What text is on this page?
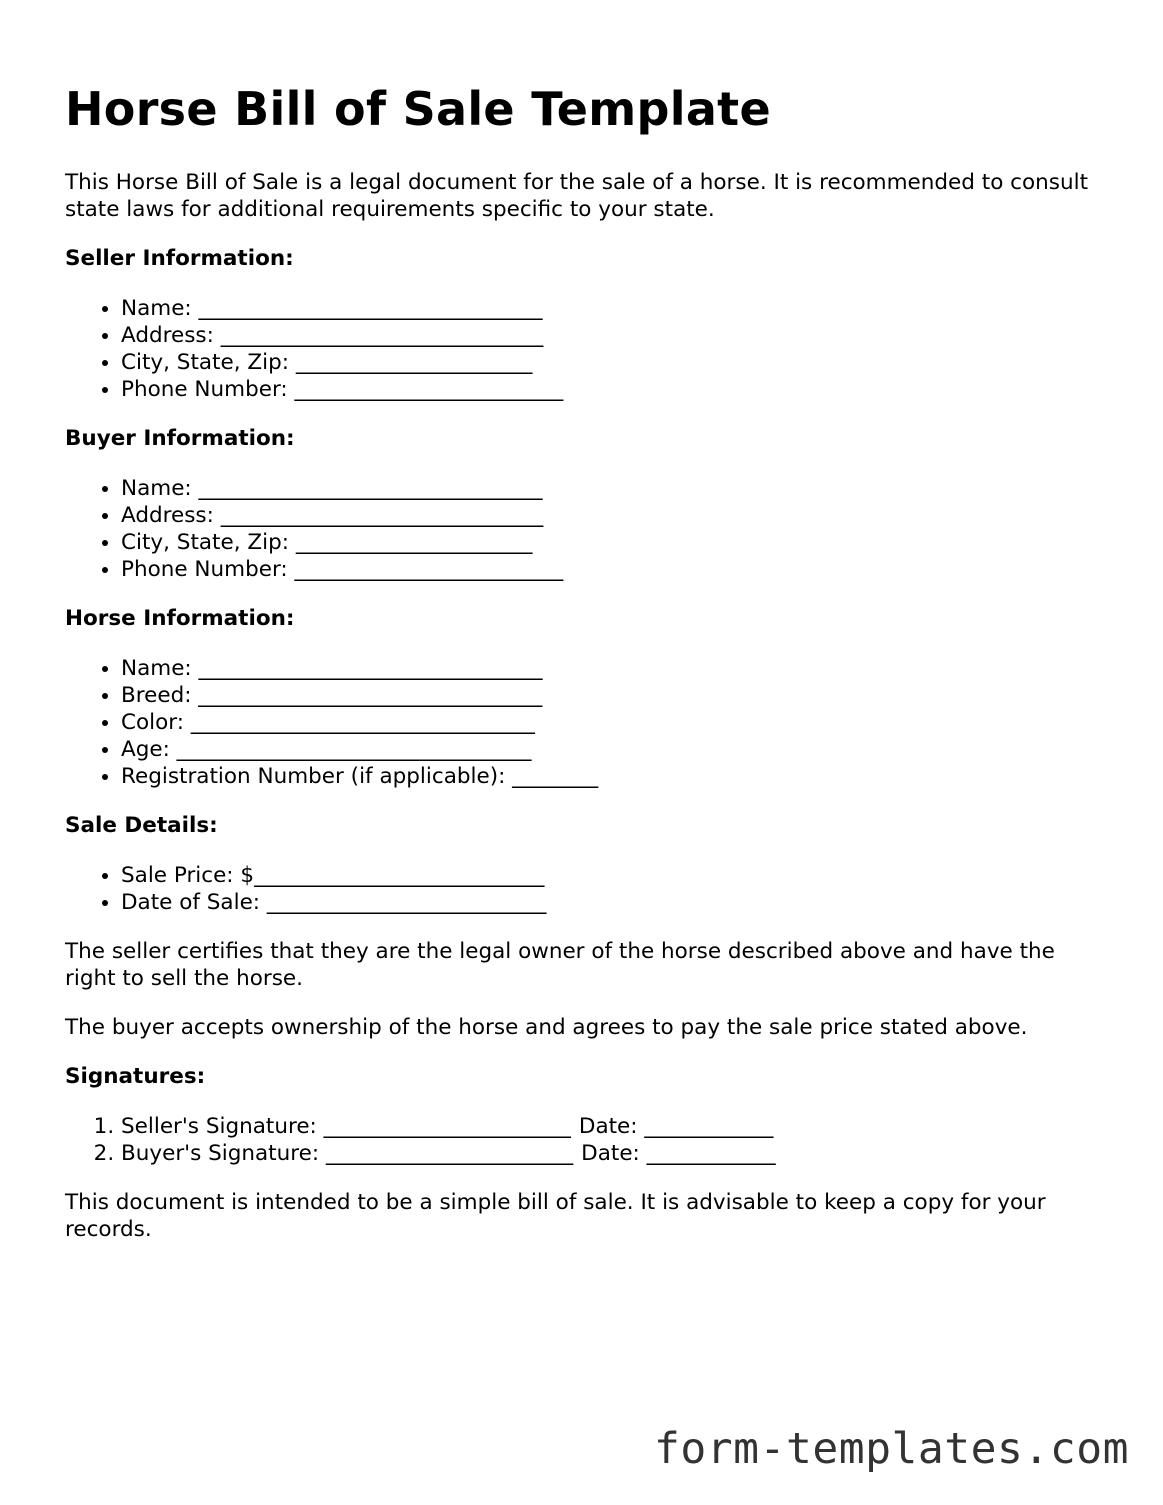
Horse Bill of Sale Template

This Horse Bill of Sale is a legal document for the sale of a horse. It is recommended to consult state laws for additional requirements specific to your state.

Seller Information:
• Name: ________________________________
• Address: ______________________________
• City, State, Zip: ______________________
• Phone Number: _________________________
Buyer Information:
• Name: ________________________________
• Address: ______________________________
• City, State, Zip: ______________________
• Phone Number: _________________________
Horse Information:
• Name: ________________________________
• Breed: ________________________________
• Color: ________________________________
• Age: _________________________________
• Registration Number (if applicable): ________
Sale Details:
• Sale Price: $___________________________
• Date of Sale: __________________________

The seller certifies that they are the legal owner of the horse described above and have the right to sell the horse.

The buyer accepts ownership of the horse and agrees to pay the sale price stated above.

Signatures:
1. Seller's Signature: _______________________ Date: ____________
2. Buyer's Signature: _______________________ Date: ____________

This document is intended to be a simple bill of sale. It is advisable to keep a copy for your records.

form-templates.com
